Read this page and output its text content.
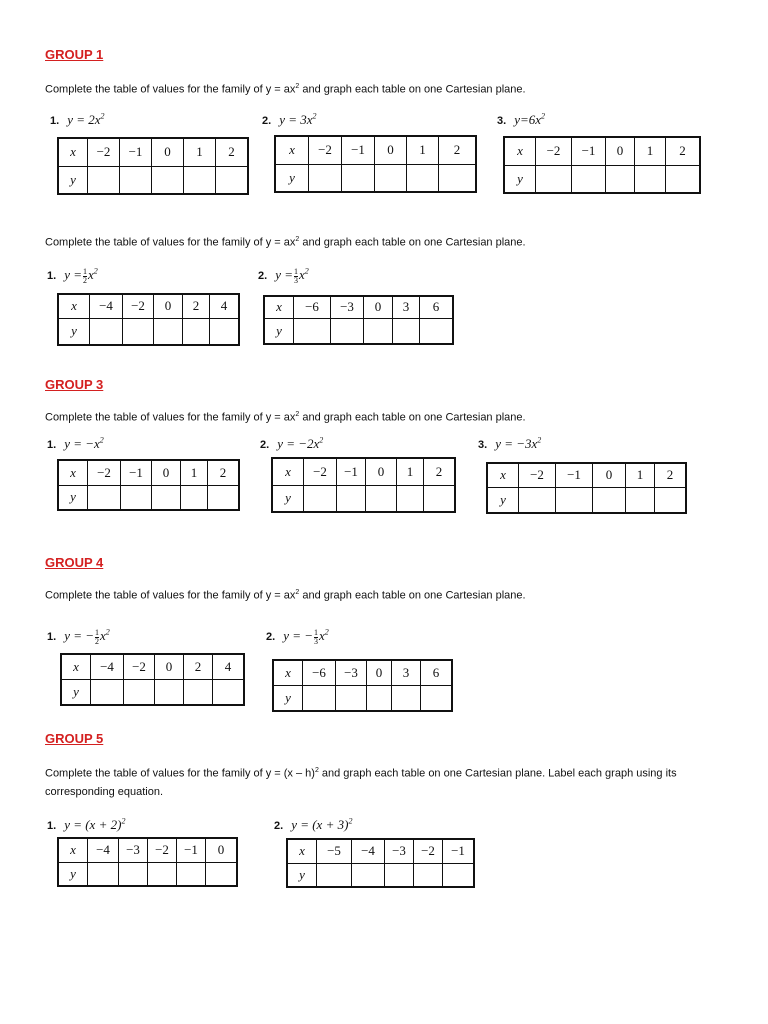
GROUP 1
Complete the table of values for the family of $y = ax^2$ and graph each table on one Cartesian plane.
1. $y = 2x^2$
x	−2	−1	0	1	2
y					
2. $y = 3x^2$
x	−2	−1	0	1	2
y					
3. $y=6x^2$
x	−2	−1	0	1	2
y					
Complete the table of values for the family of $y = ax^2$ and graph each table on one Cartesian plane.
1. $y = \frac{1}{2} x^2$
x	−4	−2	0	2	4
y					
2. $y = \frac{1}{3} x^2$
x	−6	−3	0	3	6
y					
GROUP 3
Complete the table of values for the family of $y = ax^2$ and graph each table on one Cartesian plane.
1. $y = -x^2$
x	−2	−1	0	1	2
y					
2. $y = -2x^2$
x	−2	−1	0	1	2
y					
3. $y = -3x^2$
x	−2	−1	0	1	2
y					
GROUP 4
Complete the table of values for the family of $y = ax^2$ and graph each table on one Cartesian plane.
1. y = − $\frac{1}{2} x^2$
x	−4	−2	0	2	4
y					
2. y = − $\frac{1}{3} x^2$
x	−6	−3	0	3	6
y					
GROUP 5
Complete the table of values for the family of y = (x – h)$^2$ and graph each table on one Cartesian plane. Label each graph using its corresponding equation.
1. $y = (x + 2)^2$
x	−4	−3	−2	−1	0
y					
2. $y = (x + 3)^2$
x	−5	−4	−3	−2	−1
y					
